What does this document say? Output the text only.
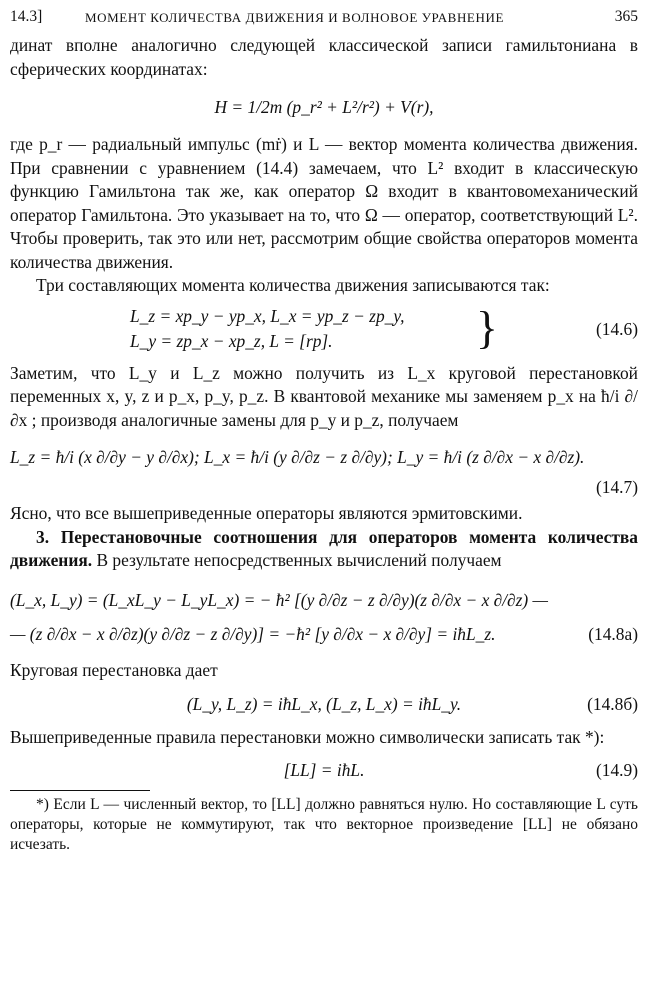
14.3]	МОМЕНТ КОЛИЧЕСТВА ДВИЖЕНИЯ И ВОЛНОВОЕ УРАВНЕНИЕ	365

динат вполне аналогично следующей классической записи гамильтониана в сферических координатах:

H = 1/2m (p_r² + L²/r²) + V(r),

где p_r — радиальный импульс (mṙ) и L — вектор момента количества движения. При сравнении с уравнением (14.4) замечаем, что L² входит в классическую функцию Гамильтона так же, как оператор Ω входит в квантовомеханический оператор Гамильтона. Это указывает на то, что Ω — оператор, соответствующий L². Чтобы проверить, так это или нет, рассмотрим общие свойства операторов момента количества движения.

Три составляющих момента количества движения записываются так:

L_z = xp_y − yp_x, L_x = yp_z − zp_y,
L_y = zp_x − xp_z, L = [rp].	}	(14.6)

Заметим, что L_y и L_z можно получить из L_x круговой перестановкой переменных x, y, z и p_x, p_y, p_z. В квантовой механике мы заменяем p_x на ħ/i ∂/∂x ; производя аналогичные замены для p_y и p_z, получаем

L_z = ħ/i (x ∂/∂y − y ∂/∂x); L_x = ħ/i (y ∂/∂z − z ∂/∂y); L_y = ħ/i (z ∂/∂x − x ∂/∂z).
(14.7)

Ясно, что все вышеприведенные операторы являются эрмитовскими.

3. Перестановочные соотношения для операторов момента количества движения. В результате непосредственных вычислений получаем

(L_x, L_y) = (L_xL_y − L_yL_x) = − ħ² [(y ∂/∂z − z ∂/∂y)(z ∂/∂x − x ∂/∂z) —
— (z ∂/∂x − x ∂/∂z)(y ∂/∂z − z ∂/∂y)] = −ħ² [y ∂/∂x − x ∂/∂y] = iħL_z.	(14.8а)

Круговая перестановка дает

(L_y, L_z) = iħL_x, (L_z, L_x) = iħL_y.	(14.8б)

Вышеприведенные правила перестановки можно символически записать так *):

[LL] = iħL.	(14.9)

*) Если L — численный вектор, то [LL] должно равняться нулю. Но составляющие L суть операторы, которые не коммутируют, так что векторное произведение [LL] не обязано исчезать.
